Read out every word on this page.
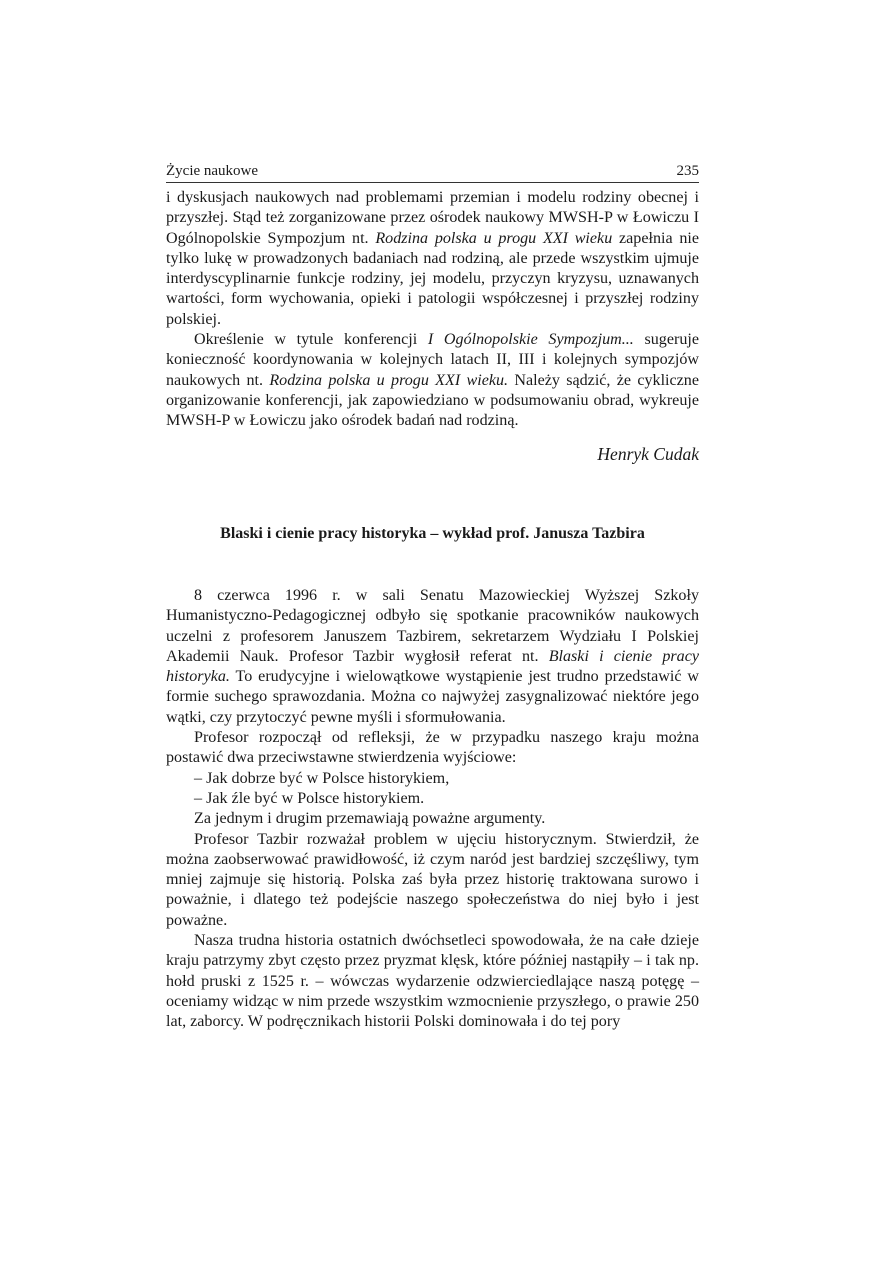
Życie naukowe	235

i dyskusjach naukowych nad problemami przemian i modelu rodziny obecnej i przyszłej. Stąd też zorganizowane przez ośrodek naukowy MWSH-P w Łowiczu I Ogólnopolskie Sympozjum nt. Rodzina polska u progu XXI wieku zapełnia nie tylko lukę w prowadzonych badaniach nad rodziną, ale przede wszystkim ujmuje interdyscyplinarnie funkcje rodziny, jej modelu, przyczyn kryzysu, uznawanych wartości, form wychowania, opieki i patologii współczesnej i przyszłej rodziny polskiej.

Określenie w tytule konferencji I Ogólnopolskie Sympozjum... sugeruje konieczność koordynowania w kolejnych latach II, III i kolejnych sympozjów naukowych nt. Rodzina polska u progu XXI wieku. Należy sądzić, że cykliczne organizowanie konferencji, jak zapowiedziano w podsumowaniu obrad, wykreuje MWSH-P w Łowiczu jako ośrodek badań nad rodziną.

Henryk Cudak
Blaski i cienie pracy historyka – wykład prof. Janusza Tazbira

8 czerwca 1996 r. w sali Senatu Mazowieckiej Wyższej Szkoły Humanistyczno-Pedagogicznej odbyło się spotkanie pracowników naukowych uczelni z profesorem Januszem Tazbirem, sekretarzem Wydziału I Polskiej Akademii Nauk. Profesor Tazbir wygłosił referat nt. Blaski i cienie pracy historyka. To erudycyjne i wielowątkowe wystąpienie jest trudno przedstawić w formie suchego sprawozdania. Można co najwyżej zasygnalizować niektóre jego wątki, czy przytoczyć pewne myśli i sformułowania.

Profesor rozpoczął od refleksji, że w przypadku naszego kraju można postawić dwa przeciwstawne stwierdzenia wyjściowe:

– Jak dobrze być w Polsce historykiem,

– Jak źle być w Polsce historykiem.

Za jednym i drugim przemawiają poważne argumenty.

Profesor Tazbir rozważał problem w ujęciu historycznym. Stwierdził, że można zaobserwować prawidłowość, iż czym naród jest bardziej szczęśliwy, tym mniej zajmuje się historią. Polska zaś była przez historię traktowana surowo i poważnie, i dlatego też podejście naszego społeczeństwa do niej było i jest poważne.

Nasza trudna historia ostatnich dwóchsetleci spowodowała, że na całe dzieje kraju patrzymy zbyt często przez pryzmat klęsk, które później nastąpiły – i tak np. hołd pruski z 1525 r. – wówczas wydarzenie odzwierciedlające naszą potęgę – oceniamy widząc w nim przede wszystkim wzmocnienie przyszłego, o prawie 250 lat, zaborcy. W podręcznikach historii Polski dominowała i do tej pory
